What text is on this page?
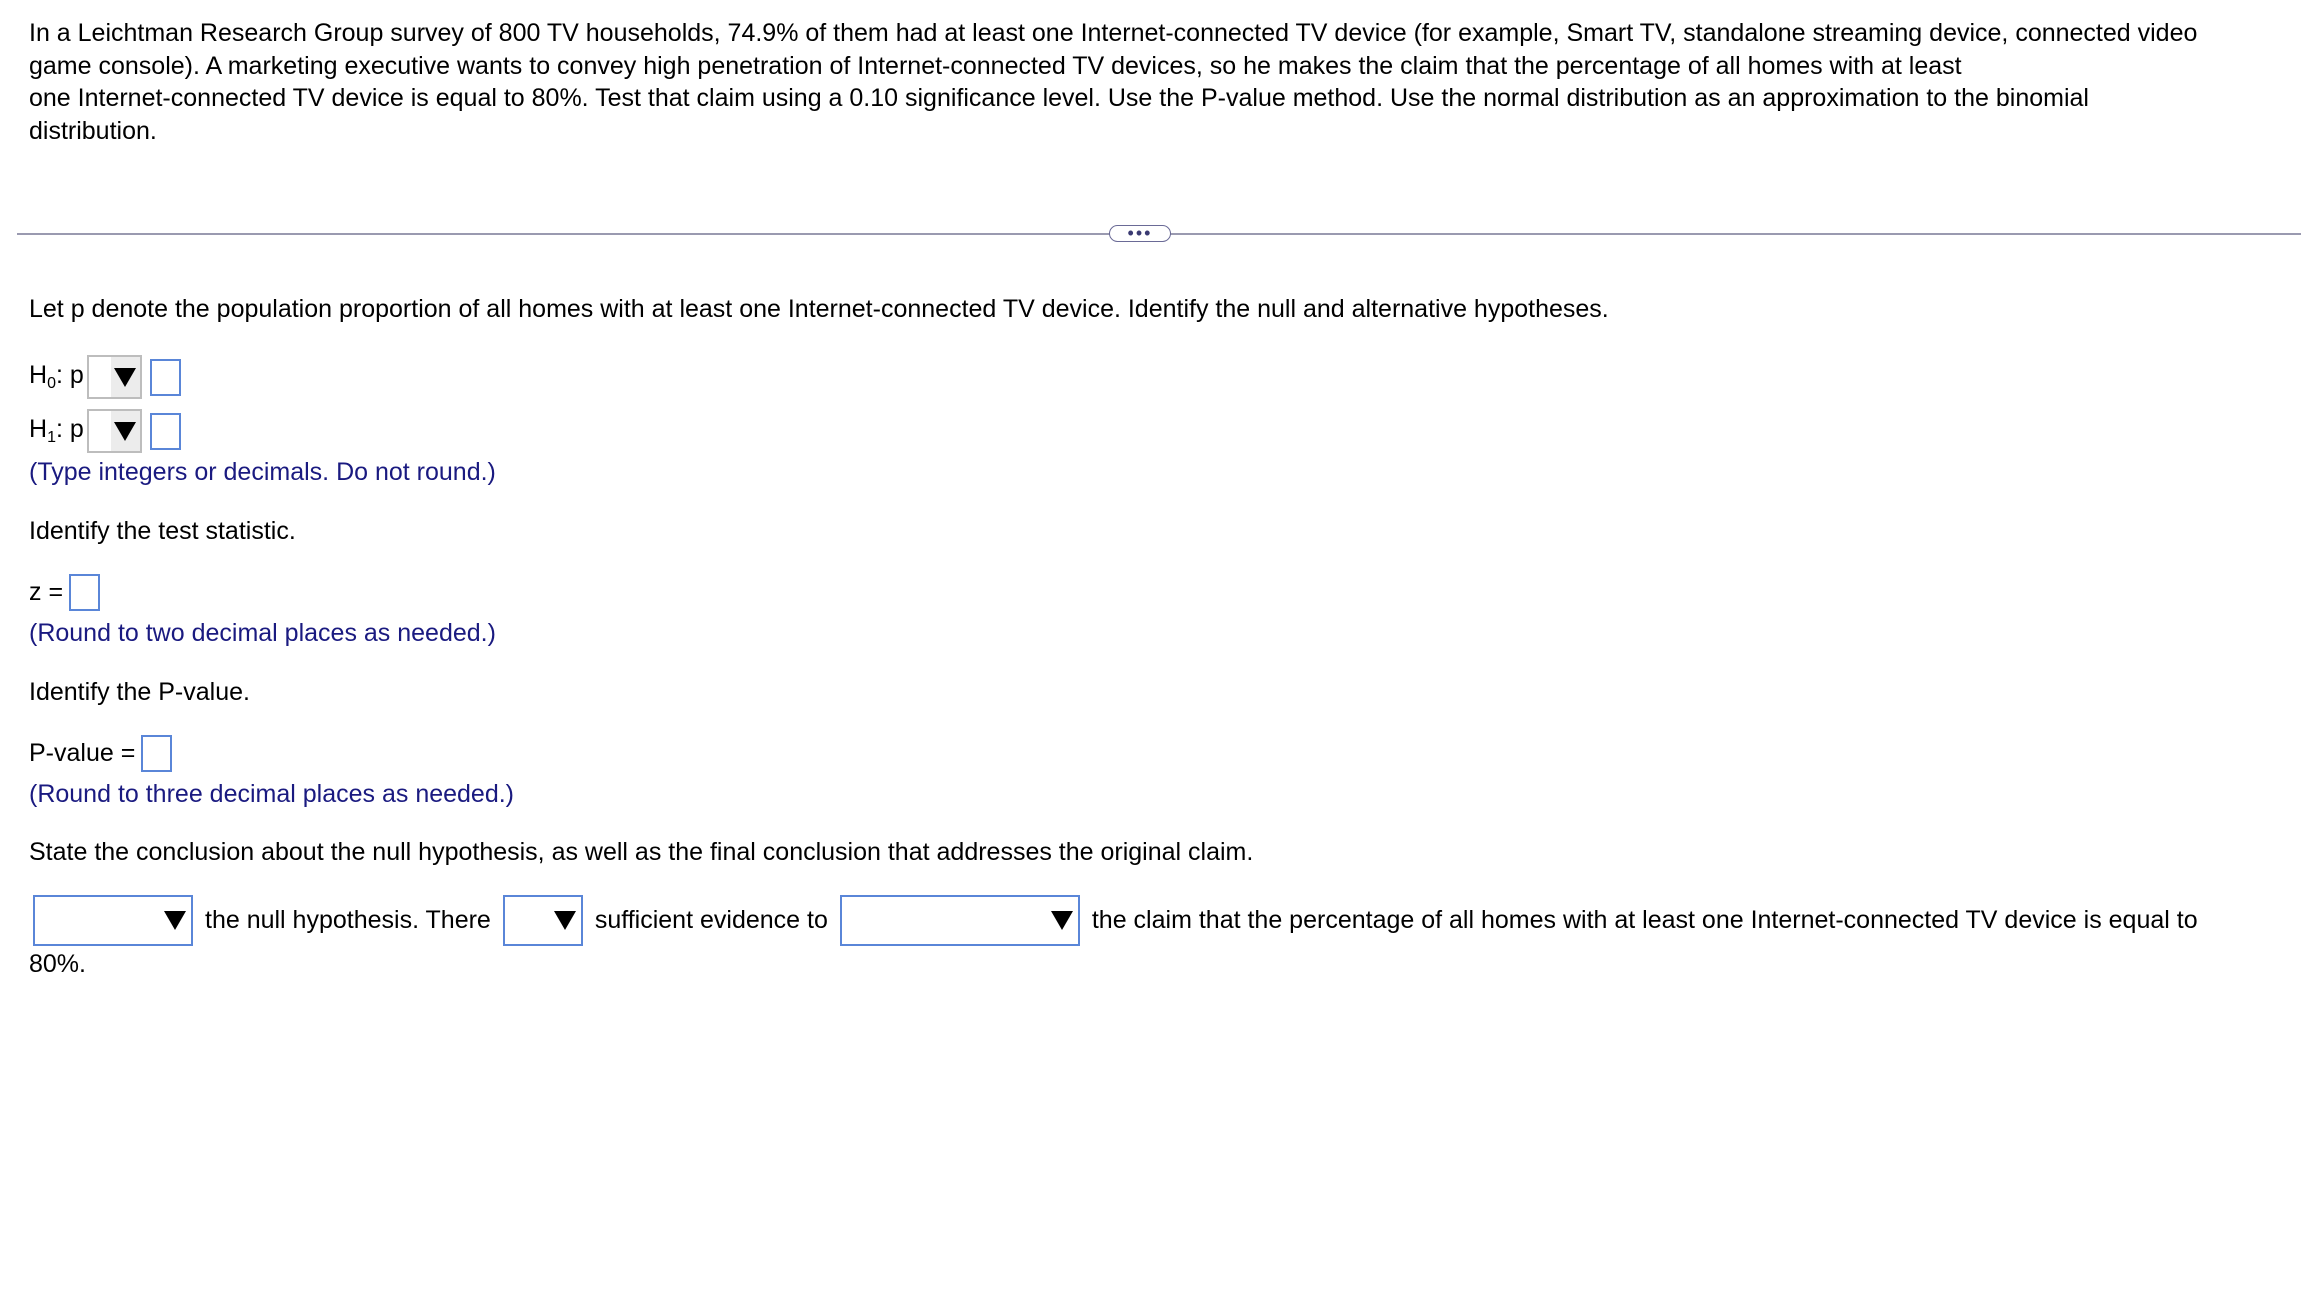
In a Leichtman Research Group survey of 800 TV households, 74.9% of them had at least one Internet-connected TV device (for example, Smart TV, standalone streaming device, connected video
game console). A marketing executive wants to convey high penetration of Internet-connected TV devices, so he makes the claim that the percentage of all homes with at least
one Internet-connected TV device is equal to 80%. Test that claim using a 0.10 significance level. Use the P-value method. Use the normal distribution as an approximation to the binomial
distribution.
•••
Let p denote the population proportion of all homes with at least one Internet-connected TV device. Identify the null and alternative hypotheses.
$H_0$: p
$H_1$: p
(Type integers or decimals. Do not round.)
Identify the test statistic.
z =
(Round to two decimal places as needed.)
Identify the P-value.
P-value =
(Round to three decimal places as needed.)
State the conclusion about the null hypothesis, as well as the final conclusion that addresses the original claim.
the null hypothesis. There	sufficient evidence to	the claim that the percentage of all homes with at least one Internet-connected TV device is equal to
80%.
